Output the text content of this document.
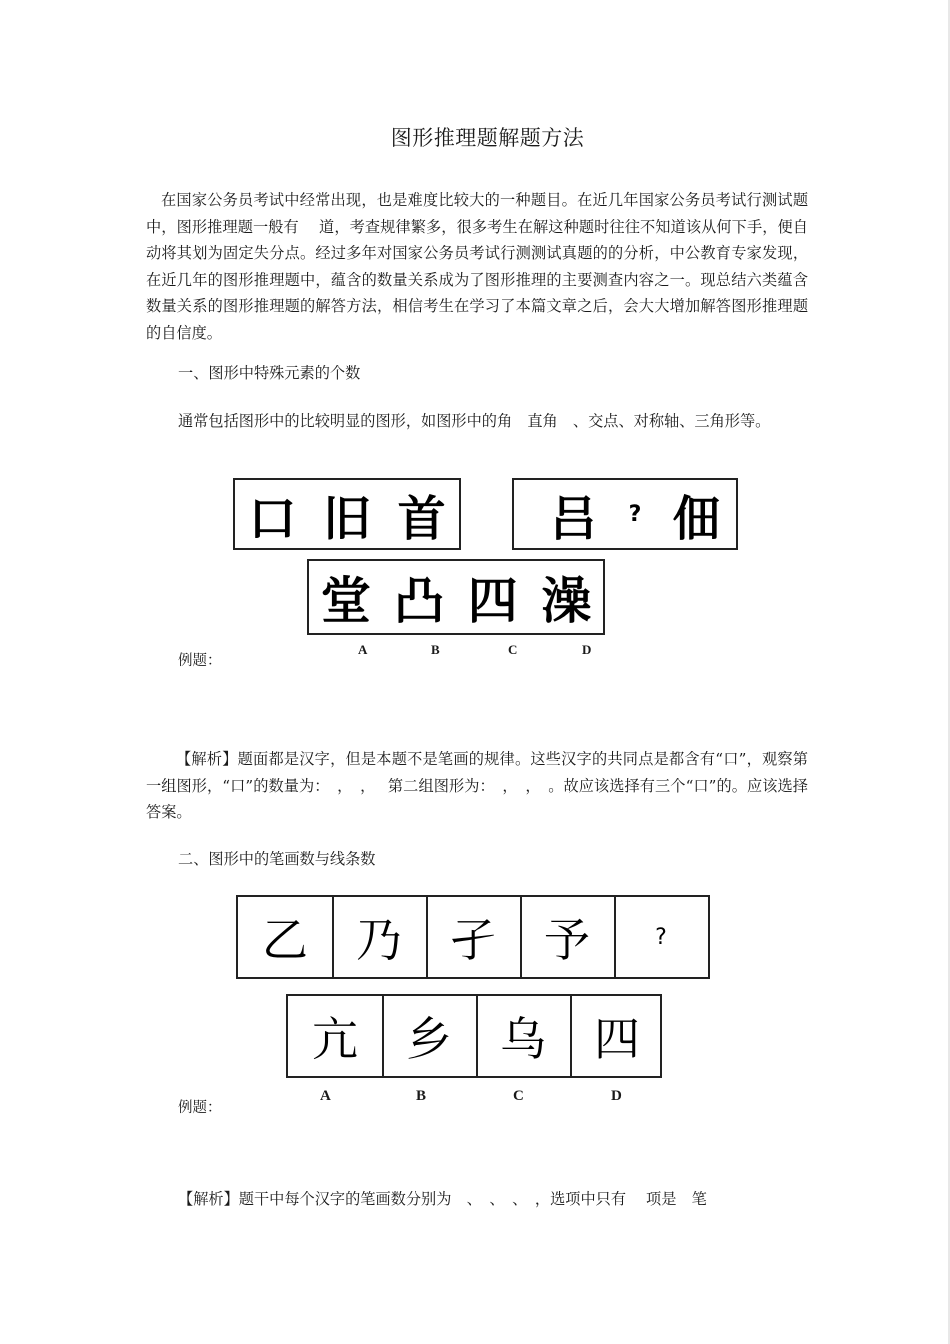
图形推理题解题方法

在国家公务员考试中经常出现，也是难度比较大的一种题目。在近几年国家公务员考试行测试题中，图形推理题一般有　 道，考查规律繁多，很多考生在解这种题时往往不知道该从何下手，便自动将其划为固定失分点。经过多年对国家公务员考试行测测试真题的的分析，中公教育专家发现，在近几年的图形推理题中，蕴含的数量关系成为了图形推理的主要测查内容之一。现总结六类蕴含数量关系的图形推理题的解答方法，相信考生在学习了本篇文章之后，会大大增加解答图形推理题的自信度。

一、图形中特殊元素的个数
通常包括图形中的比较明显的图形，如图形中的角　直角　、交点、对称轴、三角形等。
口 旧 首 吕 ? 佃
堂 凸 四 澡
A	B	C	D
例题：

【解析】题面都是汉字，但是本题不是笔画的规律。这些汉字的共同点是都含有“口”，观察第一组图形，“口”的数量为：　，　，　 第二组图形为：　，　，　。故应该选择有三个“口”的。应该选择　 答案。

二、图形中的笔画数与线条数
乙 乃 孑 予	?
亢 乡 乌 四
A	B	C	D
例题：
【解析】题干中每个汉字的笔画数分别为　、　、　、　，选项中只有　 项是　笔
